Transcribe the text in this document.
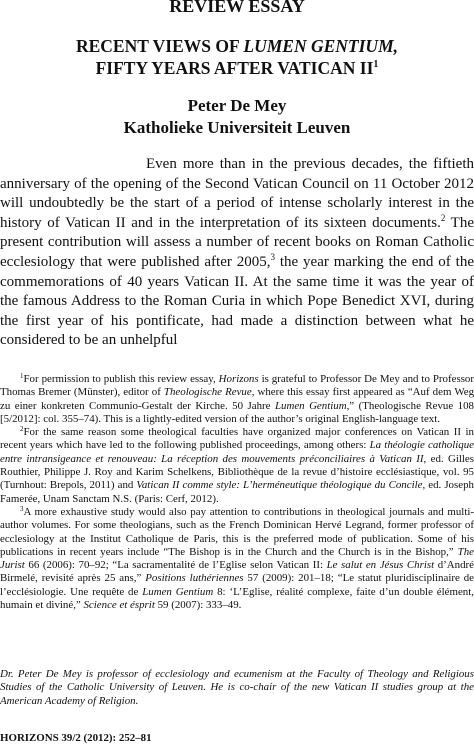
REVIEW ESSAY
RECENT VIEWS OF LUMEN GENTIUM,
FIFTY YEARS AFTER VATICAN $II^1$
Peter De Mey
Katholieke Universiteit Leuven

Even more than in the previous decades, the fiftieth anniversary of the opening of the Second Vatican Council on 11 October 2012 will undoubtedly be the start of a period of intense scholarly interest in the history of Vatican II and in the interpretation of its sixteen documents.$^2$ The present contribution will assess a number of recent books on Roman Catholic ecclesiology that were published after 2005,$^3$ the year marking the end of the commemorations of 40 years Vatican II. At the same time it was the year of the famous Address to the Roman Curia in which Pope Benedict XVI, during the first year of his pontificate, had made a distinction between what he considered to be an unhelpful

$^1$For permission to publish this review essay, Horizons is grateful to Professor De Mey and to Professor Thomas Bremer (Münster), editor of Theologische Revue, where this essay first appeared as “Auf dem Weg zu einer konkreten Communio-Gestalt der Kirche. 50 Jahre Lumen Gentium,” (Theologische Revue 108 [5/2012]: col. 355–74). This is a lightly-edited version of the author’s original English-language text.

$^2$For the same reason some theological faculties have organized major conferences on Vatican II in recent years which have led to the following published proceedings, among others: La théologie catholique entre intransigeance et renouveau: La réception des mouvements préconciliaires à Vatican II, ed. Gilles Routhier, Philippe J. Roy and Karim Schelkens, Bibliothèque de la revue d’histoire ecclésiastique, vol. 95 (Turnhout: Brepols, 2011) and Vatican II comme style: L’herméneutique théologique du Concile, ed. Joseph Famerée, Unam Sanctam N.S. (Paris: Cerf, 2012).

$^3$A more exhaustive study would also pay attention to contributions in theological journals and multi-author volumes. For some theologians, such as the French Dominican Hervé Legrand, former professor of ecclesiology at the Institut Catholique de Paris, this is the preferred mode of publication. Some of his publications in recent years include “The Bishop is in the Church and the Church is in the Bishop,” The Jurist 66 (2006): 70–92; “La sacramentalité de l’Eglise selon Vatican II: Le salut en Jésus Christ d’André Birmelé, revisité après 25 ans,” Positions luthériennes 57 (2009): 201–18; “Le statut pluridisciplinaire de l’ecclésiologie. Une requête de Lumen Gentium 8: ‘L’Eglise, réalité complexe, faite d’un double élément, humain et diviné,” Science et ésprit 59 (2007): 333–49.

Dr. Peter De Mey is professor of ecclesiology and ecumenism at the Faculty of Theology and Religious Studies of the Catholic University of Leuven. He is co-chair of the new Vatican II studies group at the American Academy of Religion.

HORIZONS 39/2 (2012): 252–81
